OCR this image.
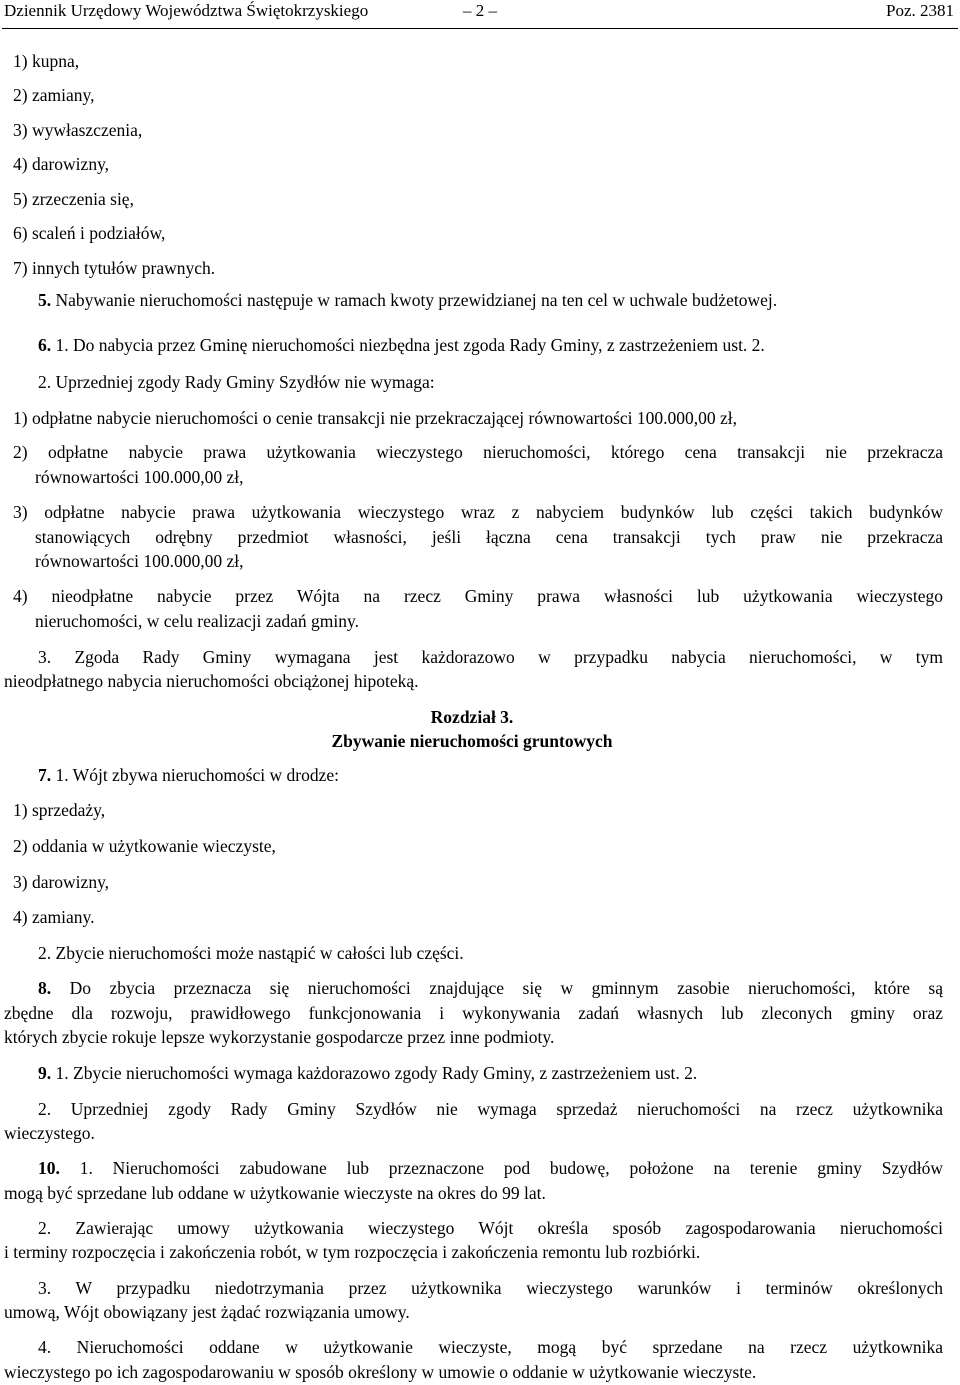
Dziennik Urzędowy Województwa Świętokrzyskiego	– 2 –	Poz. 2381
1) kupna,
2) zamiany,
3) wywłaszczenia,
4) darowizny,
5) zrzeczenia się,
6) scaleń i podziałów,
7) innych tytułów prawnych.
5. Nabywanie nieruchomości następuje w ramach kwoty przewidzianej na ten cel w uchwale budżetowej.
6. 1. Do nabycia przez Gminę nieruchomości niezbędna jest zgoda Rady Gminy, z zastrzeżeniem ust. 2.
2. Uprzedniej zgody Rady Gminy Szydłów nie wymaga:
1) odpłatne nabycie nieruchomości o cenie transakcji nie przekraczającej równowartości 100.000,00 zł,
2) odpłatne nabycie prawa użytkowania wieczystego nieruchomości, którego cena transakcji nie przekracza
równowartości 100.000,00 zł,
3) odpłatne nabycie prawa użytkowania wieczystego wraz z nabyciem budynków lub części takich budynków
stanowiących odrębny przedmiot własności, jeśli łączna cena transakcji tych praw nie przekracza
równowartości 100.000,00 zł,
4) nieodpłatne nabycie przez Wójta na rzecz Gminy prawa własności lub użytkowania wieczystego
nieruchomości, w celu realizacji zadań gminy.
3. Zgoda Rady Gminy wymagana jest każdorazowo w przypadku nabycia nieruchomości, w tym
nieodpłatnego nabycia nieruchomości obciążonej hipoteką.
Rozdział 3.
Zbywanie nieruchomości gruntowych
7. 1. Wójt zbywa nieruchomości w drodze:
1) sprzedaży,
2) oddania w użytkowanie wieczyste,
3) darowizny,
4) zamiany.
2. Zbycie nieruchomości może nastąpić w całości lub części.
8. Do zbycia przeznacza się nieruchomości znajdujące się w gminnym zasobie nieruchomości, które są
zbędne dla rozwoju, prawidłowego funkcjonowania i wykonywania zadań własnych lub zleconych gminy oraz
których zbycie rokuje lepsze wykorzystanie gospodarcze przez inne podmioty.
9. 1. Zbycie nieruchomości wymaga każdorazowo zgody Rady Gminy, z zastrzeżeniem ust. 2.
2. Uprzedniej zgody Rady Gminy Szydłów nie wymaga sprzedaż nieruchomości na rzecz użytkownika
wieczystego.
10. 1. Nieruchomości zabudowane lub przeznaczone pod budowę, położone na terenie gminy Szydłów
mogą być sprzedane lub oddane w użytkowanie wieczyste na okres do 99 lat.
2. Zawierając umowy użytkowania wieczystego Wójt określa sposób zagospodarowania nieruchomości
i terminy rozpoczęcia i zakończenia robót, w tym rozpoczęcia i zakończenia remontu lub rozbiórki.
3. W przypadku niedotrzymania przez użytkownika wieczystego warunków i terminów określonych
umową, Wójt obowiązany jest żądać rozwiązania umowy.
4. Nieruchomości oddane w użytkowanie wieczyste, mogą być sprzedane na rzecz użytkownika
wieczystego po ich zagospodarowaniu w sposób określony w umowie o oddanie w użytkowanie wieczyste.
